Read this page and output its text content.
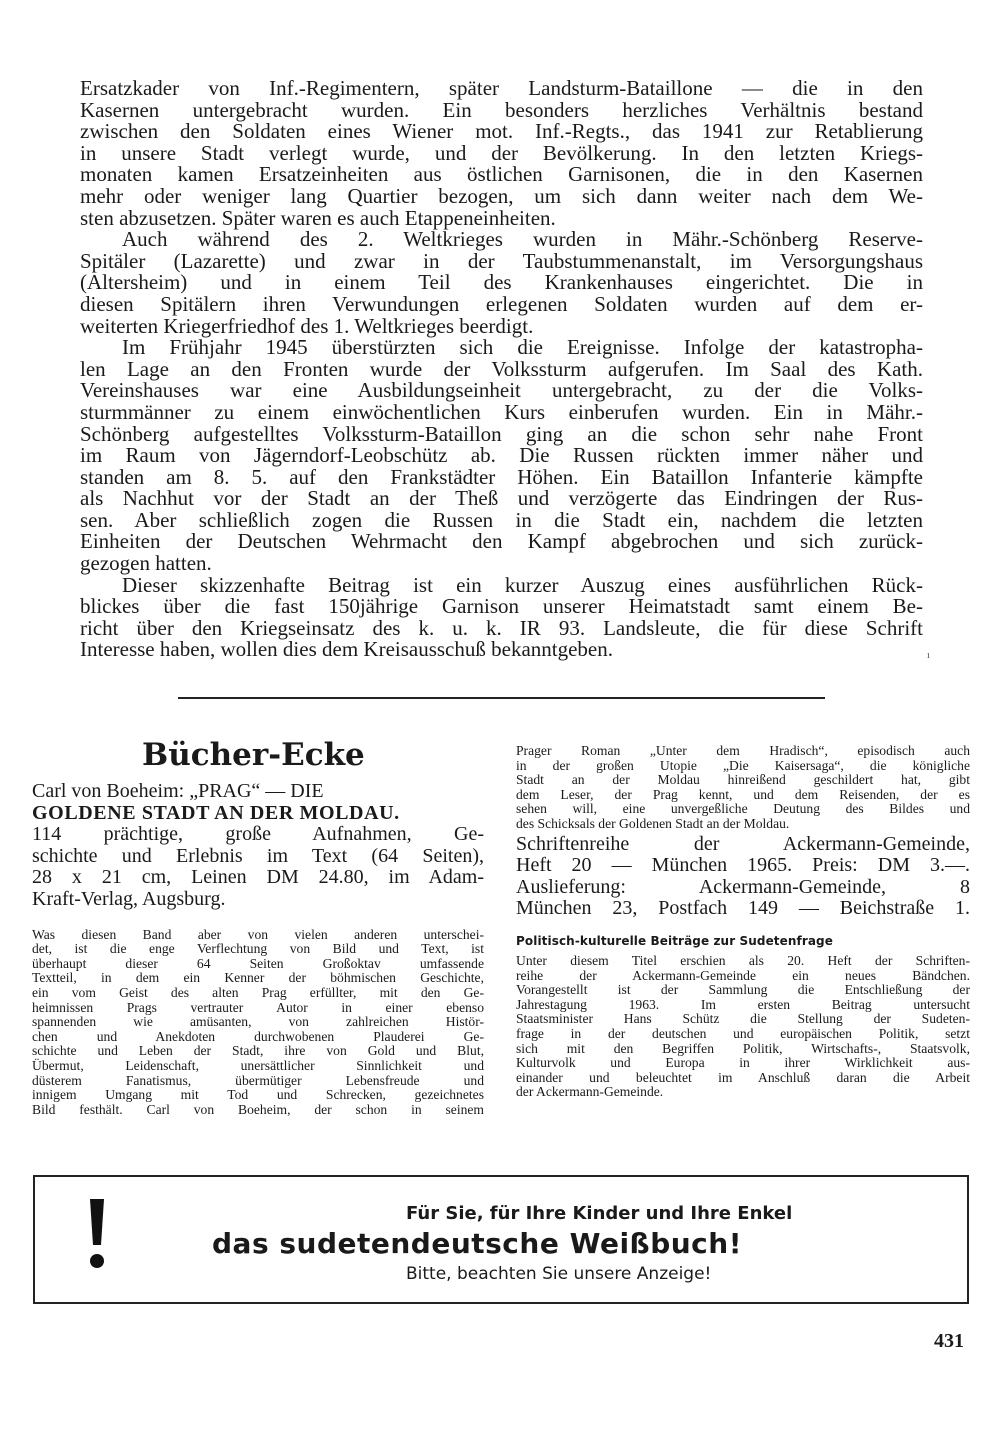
Ersatzkader von Inf.-Regimentern, später Landsturm-Bataillone — die in den
Kasernen untergebracht wurden. Ein besonders herzliches Verhältnis bestand
zwischen den Soldaten eines Wiener mot. Inf.-Regts., das 1941 zur Retablierung
in unsere Stadt verlegt wurde, und der Bevölkerung. In den letzten Kriegs-
monaten kamen Ersatzeinheiten aus östlichen Garnisonen, die in den Kasernen
mehr oder weniger lang Quartier bezogen, um sich dann weiter nach dem We-
sten abzusetzen. Später waren es auch Etappeneinheiten.
Auch während des 2. Weltkrieges wurden in Mähr.-Schönberg Reserve-
Spitäler (Lazarette) und zwar in der Taubstummenanstalt, im Versorgungshaus
(Altersheim) und in einem Teil des Krankenhauses eingerichtet. Die in
diesen Spitälern ihren Verwundungen erlegenen Soldaten wurden auf dem er-
weiterten Kriegerfriedhof des 1. Weltkrieges beerdigt.
Im Frühjahr 1945 überstürzten sich die Ereignisse. Infolge der katastropha-
len Lage an den Fronten wurde der Volkssturm aufgerufen. Im Saal des Kath.
Vereinshauses war eine Ausbildungseinheit untergebracht, zu der die Volks-
sturmmänner zu einem einwöchentlichen Kurs einberufen wurden. Ein in Mähr.-
Schönberg aufgestelltes Volkssturm-Bataillon ging an die schon sehr nahe Front
im Raum von Jägerndorf-Leobschütz ab. Die Russen rückten immer näher und
standen am 8. 5. auf den Frankstädter Höhen. Ein Bataillon Infanterie kämpfte
als Nachhut vor der Stadt an der Theß und verzögerte das Eindringen der Rus-
sen. Aber schließlich zogen die Russen in die Stadt ein, nachdem die letzten
Einheiten der Deutschen Wehrmacht den Kampf abgebrochen und sich zurück-
gezogen hatten.
Dieser skizzenhafte Beitrag ist ein kurzer Auszug eines ausführlichen Rück-
blickes über die fast 150jährige Garnison unserer Heimatstadt samt einem Be-
richt über den Kriegseinsatz des k. u. k. IR 93. Landsleute, die für diese Schrift
Interesse haben, wollen dies dem Kreisausschuß bekanntgeben.	ı
Bücher-Ecke
Carl von Boeheim: „PRAG“ — DIE
GOLDENE STADT AN DER MOLDAU.
114 prächtige, große Aufnahmen, Ge-
schichte und Erlebnis im Text (64 Seiten),
28 x 21 cm, Leinen DM 24.80, im Adam-
Kraft-Verlag, Augsburg.
Was diesen Band aber von vielen anderen unterschei-
det, ist die enge Verflechtung von Bild und Text, ist
überhaupt dieser 64 Seiten Großoktav umfassende
Textteil, in dem ein Kenner der böhmischen Geschichte,
ein vom Geist des alten Prag erfüllter, mit den Ge-
heimnissen Prags vertrauter Autor in einer ebenso
spannenden wie amüsanten, von zahlreichen Histör-
chen und Anekdoten durchwobenen Plauderei Ge-
schichte und Leben der Stadt, ihre von Gold und Blut,
Übermut, Leidenschaft, unersättlicher Sinnlichkeit und
düsterem Fanatismus, übermütiger Lebensfreude und
innigem Umgang mit Tod und Schrecken, gezeichnetes
Bild festhält. Carl von Boeheim, der schon in seinem
Prager Roman „Unter dem Hradisch“, episodisch auch
in der großen Utopie „Die Kaisersaga“, die königliche
Stadt an der Moldau hinreißend geschildert hat, gibt
dem Leser, der Prag kennt, und dem Reisenden, der es
sehen will, eine unvergeßliche Deutung des Bildes und
des Schicksals der Goldenen Stadt an der Moldau.
Schriftenreihe der Ackermann-Gemeinde,
Heft 20 — München 1965. Preis: DM 3.—.
Auslieferung: Ackermann-Gemeinde, 8
München 23, Postfach 149 — Beichstraße 1.
Politisch-kulturelle Beiträge zur Sudetenfrage
Unter diesem Titel erschien als 20. Heft der Schriften-
reihe der Ackermann-Gemeinde ein neues Bändchen.
Vorangestellt ist der Sammlung die Entschließung der
Jahrestagung 1963. Im ersten Beitrag untersucht
Staatsminister Hans Schütz die Stellung der Sudeten-
frage in der deutschen und europäischen Politik, setzt
sich mit den Begriffen Politik, Wirtschafts-, Staatsvolk,
Kulturvolk und Europa in ihrer Wirklichkeit aus-
einander und beleuchtet im Anschluß daran die Arbeit
der Ackermann-Gemeinde.
Für Sie, für Ihre Kinder und Ihre Enkel
das sudetendeutsche Weißbuch!
Bitte, beachten Sie unsere Anzeige!
431
